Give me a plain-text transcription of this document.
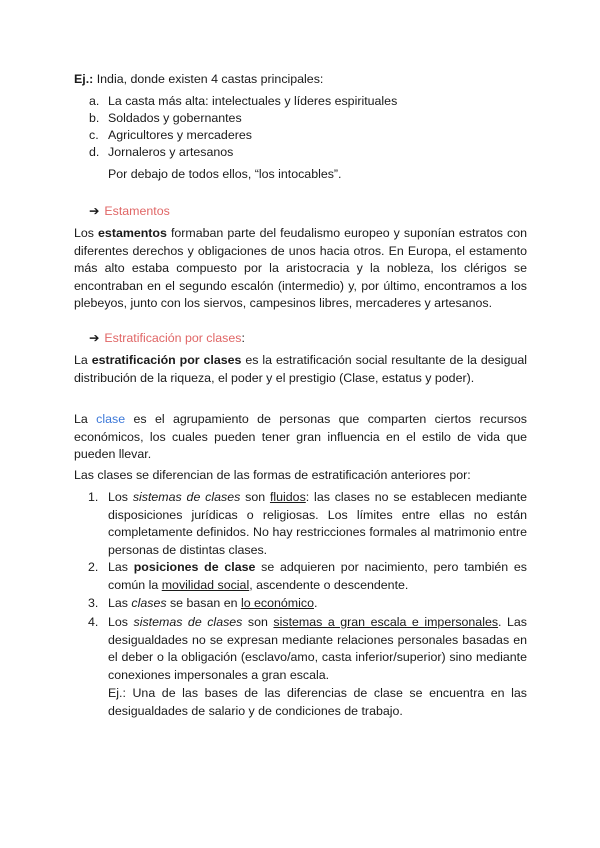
Ej.: India, donde existen 4 castas principales:
a. La casta más alta: intelectuales y líderes espirituales
b. Soldados y gobernantes
c. Agricultores y mercaderes
d. Jornaleros y artesanos
Por debajo de todos ellos, “los intocables”.
➔ Estamentos
Los estamentos formaban parte del feudalismo europeo y suponían estratos con diferentes derechos y obligaciones de unos hacia otros. En Europa, el estamento más alto estaba compuesto por la aristocracia y la nobleza, los clérigos se encontraban en el segundo escalón (intermedio) y, por último, encontramos a los plebeyos, junto con los siervos, campesinos libres, mercaderes y artesanos.
➔ Estratificación por clases:
La estratificación por clases es la estratificación social resultante de la desigual distribución de la riqueza, el poder y el prestigio (Clase, estatus y poder).
La clase es el agrupamiento de personas que comparten ciertos recursos económicos, los cuales pueden tener gran influencia en el estilo de vida que pueden llevar.
Las clases se diferencian de las formas de estratificación anteriores por:
1. Los sistemas de clases son fluidos: las clases no se establecen mediante disposiciones jurídicas o religiosas. Los límites entre ellas no están completamente definidos. No hay restricciones formales al matrimonio entre personas de distintas clases.
2. Las posiciones de clase se adquieren por nacimiento, pero también es común la movilidad social, ascendente o descendente.
3. Las clases se basan en lo económico.
4. Los sistemas de clases son sistemas a gran escala e impersonales. Las desigualdades no se expresan mediante relaciones personales basadas en el deber o la obligación (esclavo/amo, casta inferior/superior) sino mediante conexiones impersonales a gran escala.
Ej.: Una de las bases de las diferencias de clase se encuentra en las desigualdades de salario y de condiciones de trabajo.
